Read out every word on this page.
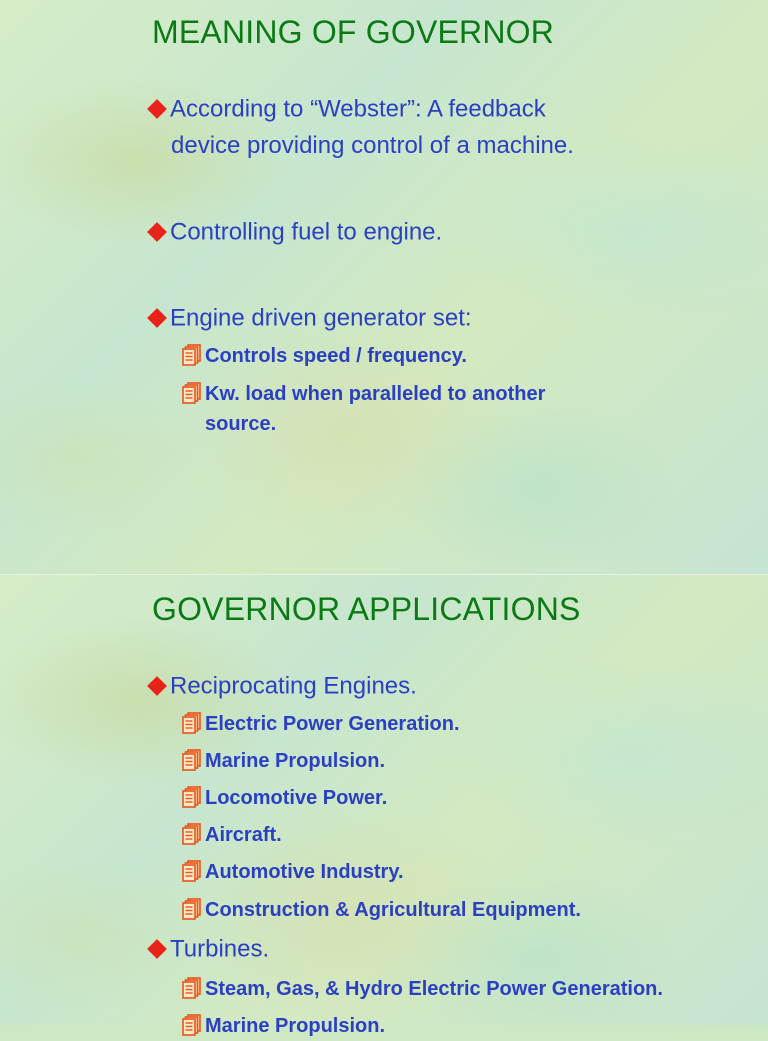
MEANING OF GOVERNOR

According to “Webster”: A feedback
device providing control of a machine.

Controlling fuel to engine.

Engine driven generator set:

Controls speed / frequency.

Kw. load when paralleled to another
source.

GOVERNOR APPLICATIONS

Reciprocating Engines.

Electric Power Generation.

Marine Propulsion.

Locomotive Power.

Aircraft.

Automotive Industry.

Construction & Agricultural Equipment.

Turbines.

Steam, Gas, & Hydro Electric Power Generation.

Marine Propulsion.
